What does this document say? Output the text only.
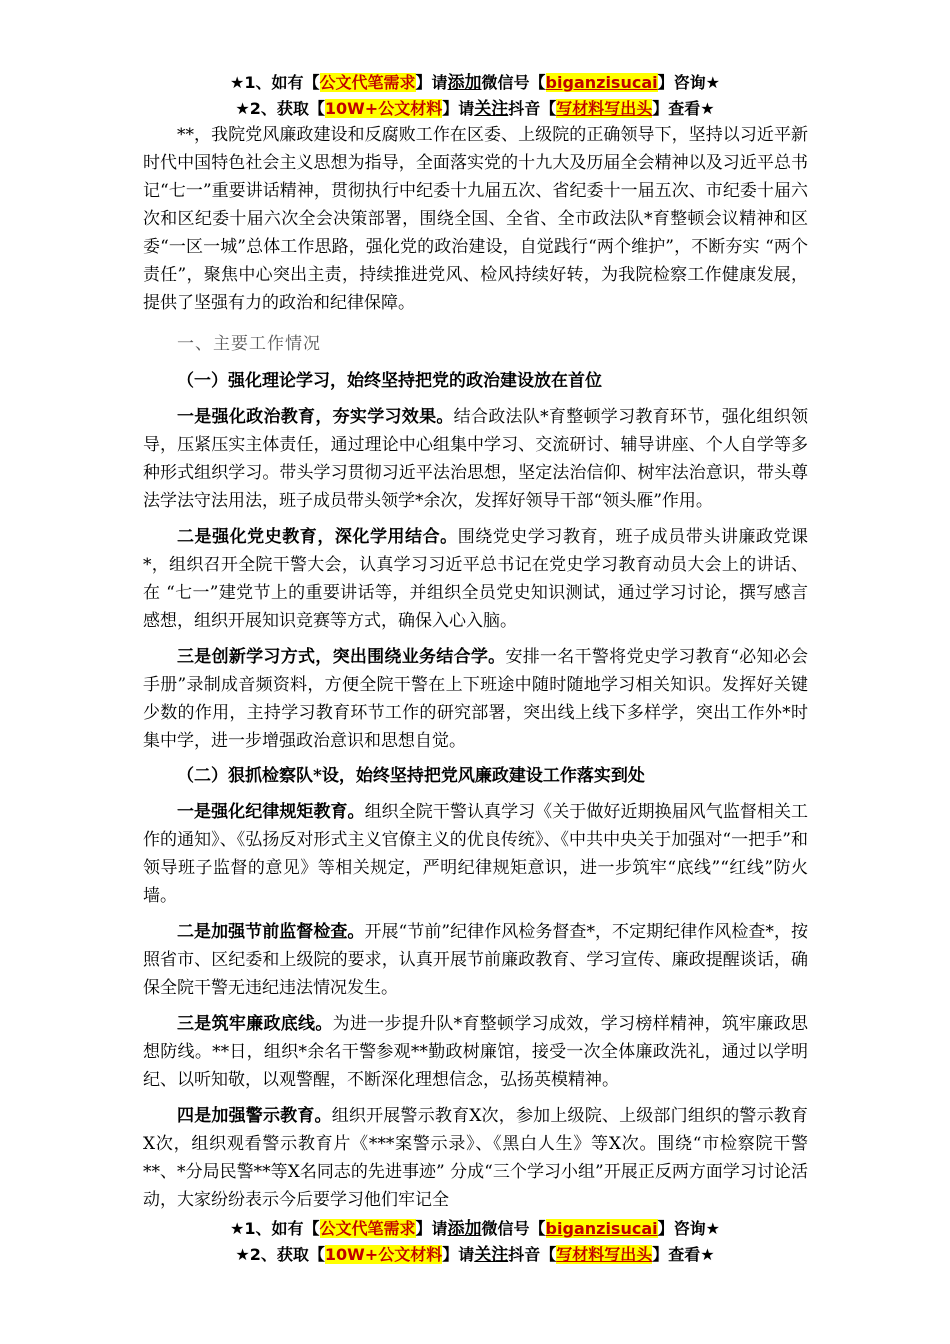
★1、如有【公文代笔需求】请添加微信号【biganzisucai】咨询★
★2、获取【10W+公文材料】请关注抖音【写材料写出头】查看★

**，我院党风廉政建设和反腐败工作在区委、上级院的正确领导下，坚持以习近平新时代中国特色社会主义思想为指导，全面落实党的十九大及历届全会精神以及习近平总书记“七一”重要讲话精神，贯彻执行中纪委十九届五次、省纪委十一届五次、市纪委十届六次和区纪委十届六次全会决策部署，围绕全国、全省、全市政法队*育整顿会议精神和区委“一区一城”总体工作思路，强化党的政治建设，自觉践行“两个维护”，不断夯实 “两个责任”，聚焦中心突出主责，持续推进党风、检风持续好转，为我院检察工作健康发展，提供了坚强有力的政治和纪律保障。

一、主要工作情况

（一）强化理论学习，始终坚持把党的政治建设放在首位

一是强化政治教育，夯实学习效果。结合政法队*育整顿学习教育环节，强化组织领导，压紧压实主体责任，通过理论中心组集中学习、交流研讨、辅导讲座、个人自学等多种形式组织学习。带头学习贯彻习近平法治思想，坚定法治信仰、树牢法治意识，带头尊法学法守法用法，班子成员带头领学*余次，发挥好领导干部“领头雁”作用。

二是强化党史教育，深化学用结合。围绕党史学习教育，班子成员带头讲廉政党课*，组织召开全院干警大会，认真学习习近平总书记在党史学习教育动员大会上的讲话、在 “七一”建党节上的重要讲话等，并组织全员党史知识测试，通过学习讨论，撰写感言感想，组织开展知识竞赛等方式，确保入心入脑。

三是创新学习方式，突出围绕业务结合学。安排一名干警将党史学习教育“必知必会手册”录制成音频资料，方便全院干警在上下班途中随时随地学习相关知识。发挥好关键少数的作用，主持学习教育环节工作的研究部署，突出线上线下多样学，突出工作外*时集中学，进一步增强政治意识和思想自觉。

（二）狠抓检察队*设，始终坚持把党风廉政建设工作落实到处

一是强化纪律规矩教育。组织全院干警认真学习《关于做好近期换届风气监督相关工作的通知》、《弘扬反对形式主义官僚主义的优良传统》、《中共中央关于加强对“一把手”和领导班子监督的意见》等相关规定，严明纪律规矩意识，进一步筑牢“底线”“红线”防火墙。

二是加强节前监督检查。开展“节前”纪律作风检务督查*，不定期纪律作风检查*，按照省市、区纪委和上级院的要求，认真开展节前廉政教育、学习宣传、廉政提醒谈话，确保全院干警无违纪违法情况发生。

三是筑牢廉政底线。为进一步提升队*育整顿学习成效，学习榜样精神，筑牢廉政思想防线。**日，组织*余名干警参观**勤政树廉馆，接受一次全体廉政洗礼，通过以学明纪、以听知敬，以观警醒，不断深化理想信念，弘扬英模精神。

四是加强警示教育。组织开展警示教育X次，参加上级院、上级部门组织的警示教育X次，组织观看警示教育片《***案警示录》、《黑白人生》等X次。围绕“市检察院干警**、*分局民警**等X名同志的先进事迹” 分成“三个学习小组”开展正反两方面学习讨论活动，大家纷纷表示今后要学习他们牢记全

★1、如有【公文代笔需求】请添加微信号【biganzisucai】咨询★
★2、获取【10W+公文材料】请关注抖音【写材料写出头】查看★
